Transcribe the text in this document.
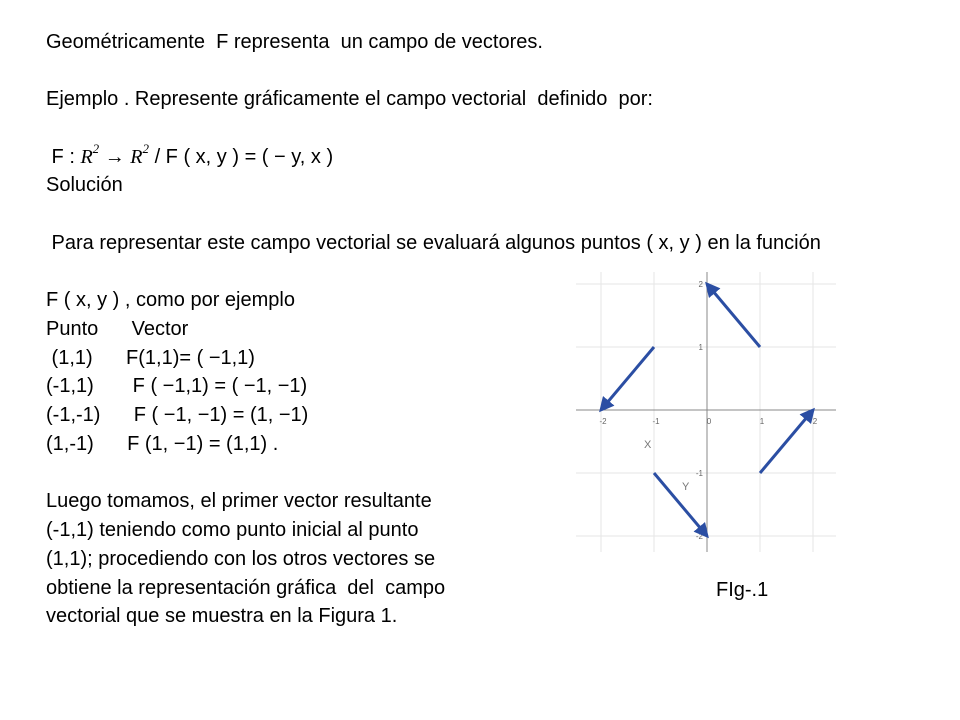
Geométricamente  F representa  un campo de vectores.
Ejemplo . Represente gráficamente el campo vectorial  definido  por:
F : $R^2 \to R^2 / F$ ( x, y ) = ( − y, x )
Solución
Para representar este campo vectorial se evaluará algunos puntos ( x, y ) en la función
F ( x, y ) , como por ejemplo
Punto      Vector
(1,1)      F(1,1)= ( −1,1)
(-1,1)       F ( −1,1) = ( −1, −1)
(-1,-1)      F ( −1, −1) = (1, −1)
(1,-1)      F (1, −1) = (1,1) .
Luego tomamos, el primer vector resultante
(-1,1) teniendo como punto inicial al punto
(1,1); procediendo con los otros vectores se
obtiene la representación gráfica  del  campo
vectorial que se muestra en la Figura 1.
-2	-1	0	1	2
2
1
-1
-2
X
Y
FIg-.1
